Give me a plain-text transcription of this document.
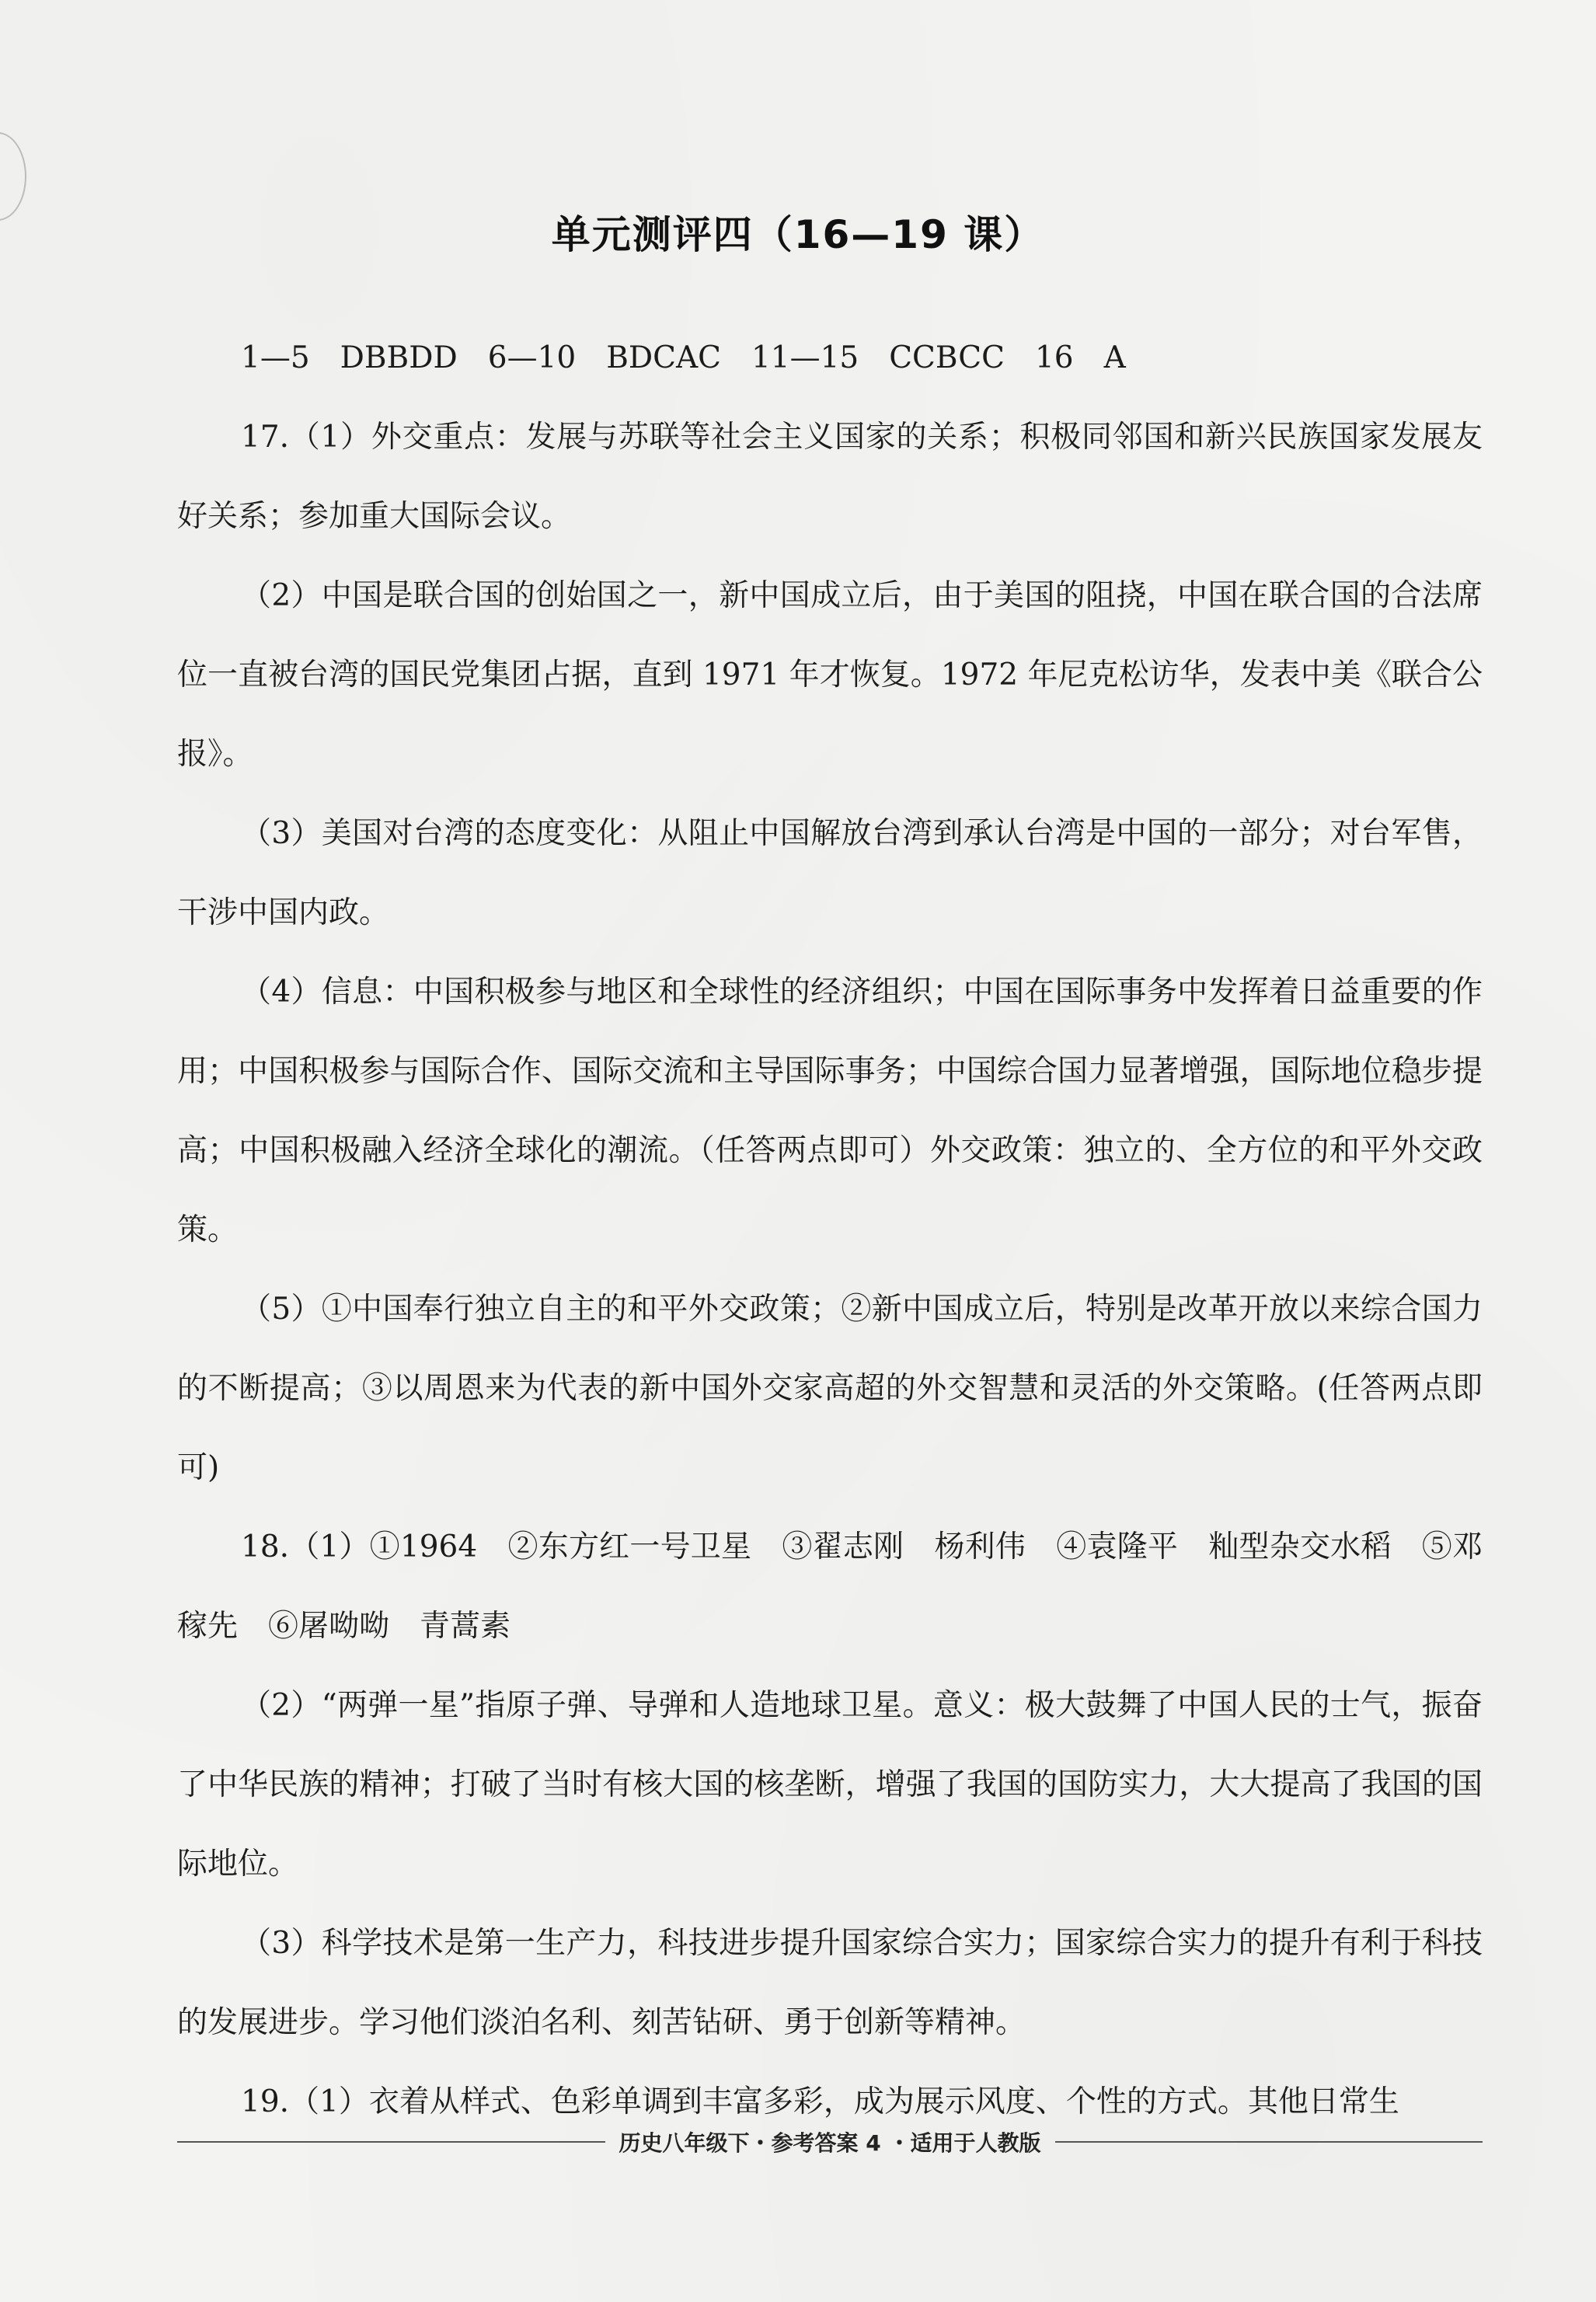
单元测评四（16—19 课）

1—5　DBBDD　6—10　BDCAC　11—15　CCBCC　16　A

17.（1）外交重点：发展与苏联等社会主义国家的关系；积极同邻国和新兴民族国家发展友好关系；参加重大国际会议。

（2）中国是联合国的创始国之一，新中国成立后，由于美国的阻挠，中国在联合国的合法席位一直被台湾的国民党集团占据，直到 1971 年才恢复。1972 年尼克松访华，发表中美《联合公报》。

（3）美国对台湾的态度变化：从阻止中国解放台湾到承认台湾是中国的一部分；对台军售，干涉中国内政。

（4）信息：中国积极参与地区和全球性的经济组织；中国在国际事务中发挥着日益重要的作用；中国积极参与国际合作、国际交流和主导国际事务；中国综合国力显著增强，国际地位稳步提高；中国积极融入经济全球化的潮流。（任答两点即可）外交政策：独立的、全方位的和平外交政策。

（5）①中国奉行独立自主的和平外交政策；②新中国成立后，特别是改革开放以来综合国力的不断提高；③以周恩来为代表的新中国外交家高超的外交智慧和灵活的外交策略。(任答两点即可)

18.（1）①1964　②东方红一号卫星　③翟志刚　杨利伟　④袁隆平　籼型杂交水稻　⑤邓稼先　⑥屠呦呦　青蒿素

（2）“两弹一星”指原子弹、导弹和人造地球卫星。意义：极大鼓舞了中国人民的士气，振奋了中华民族的精神；打破了当时有核大国的核垄断，增强了我国的国防实力，大大提高了我国的国际地位。

（3）科学技术是第一生产力，科技进步提升国家综合实力；国家综合实力的提升有利于科技的发展进步。学习他们淡泊名利、刻苦钻研、勇于创新等精神。

19.（1）衣着从样式、色彩单调到丰富多彩，成为展示风度、个性的方式。其他日常生

历史八年级下・参考答案 4 ・适用于人教版
